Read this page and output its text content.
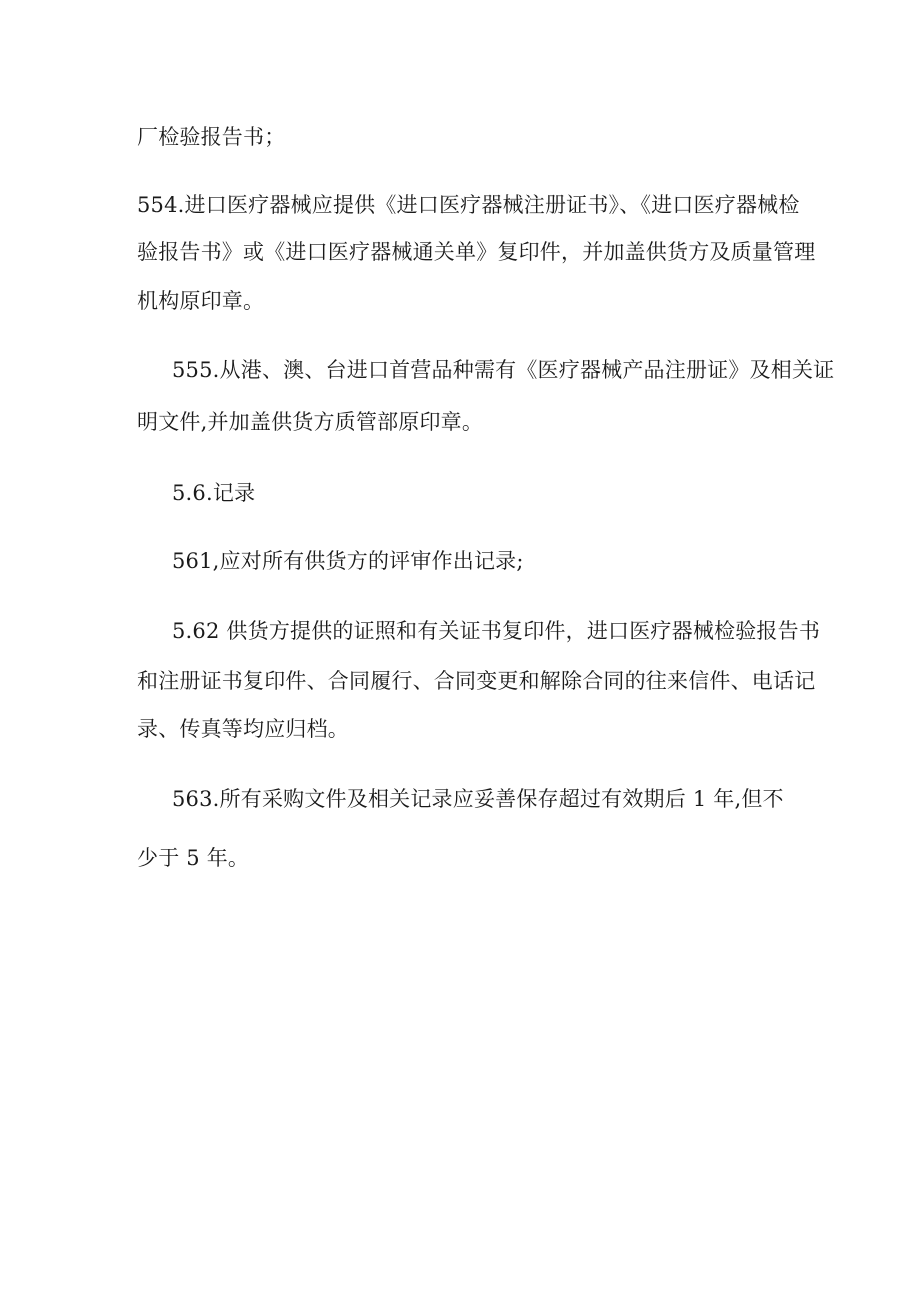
厂检验报告书；
554.进口医疗器械应提供《进口医疗器械注册证书》、《进口医疗器械检
验报告书》或《进口医疗器械通关单》复印件，并加盖供货方及质量管理
机构原印章。
555.从港、澳、台进口首营品种需有《医疗器械产品注册证》及相关证
明文件,并加盖供货方质管部原印章。
5.6.记录
561,应对所有供货方的评审作出记录;
5.62 供货方提供的证照和有关证书复印件，进口医疗器械检验报告书
和注册证书复印件、合同履行、合同变更和解除合同的往来信件、电话记
录、传真等均应归档。
563.所有采购文件及相关记录应妥善保存超过有效期后 1 年,但不
少于 5 年。
